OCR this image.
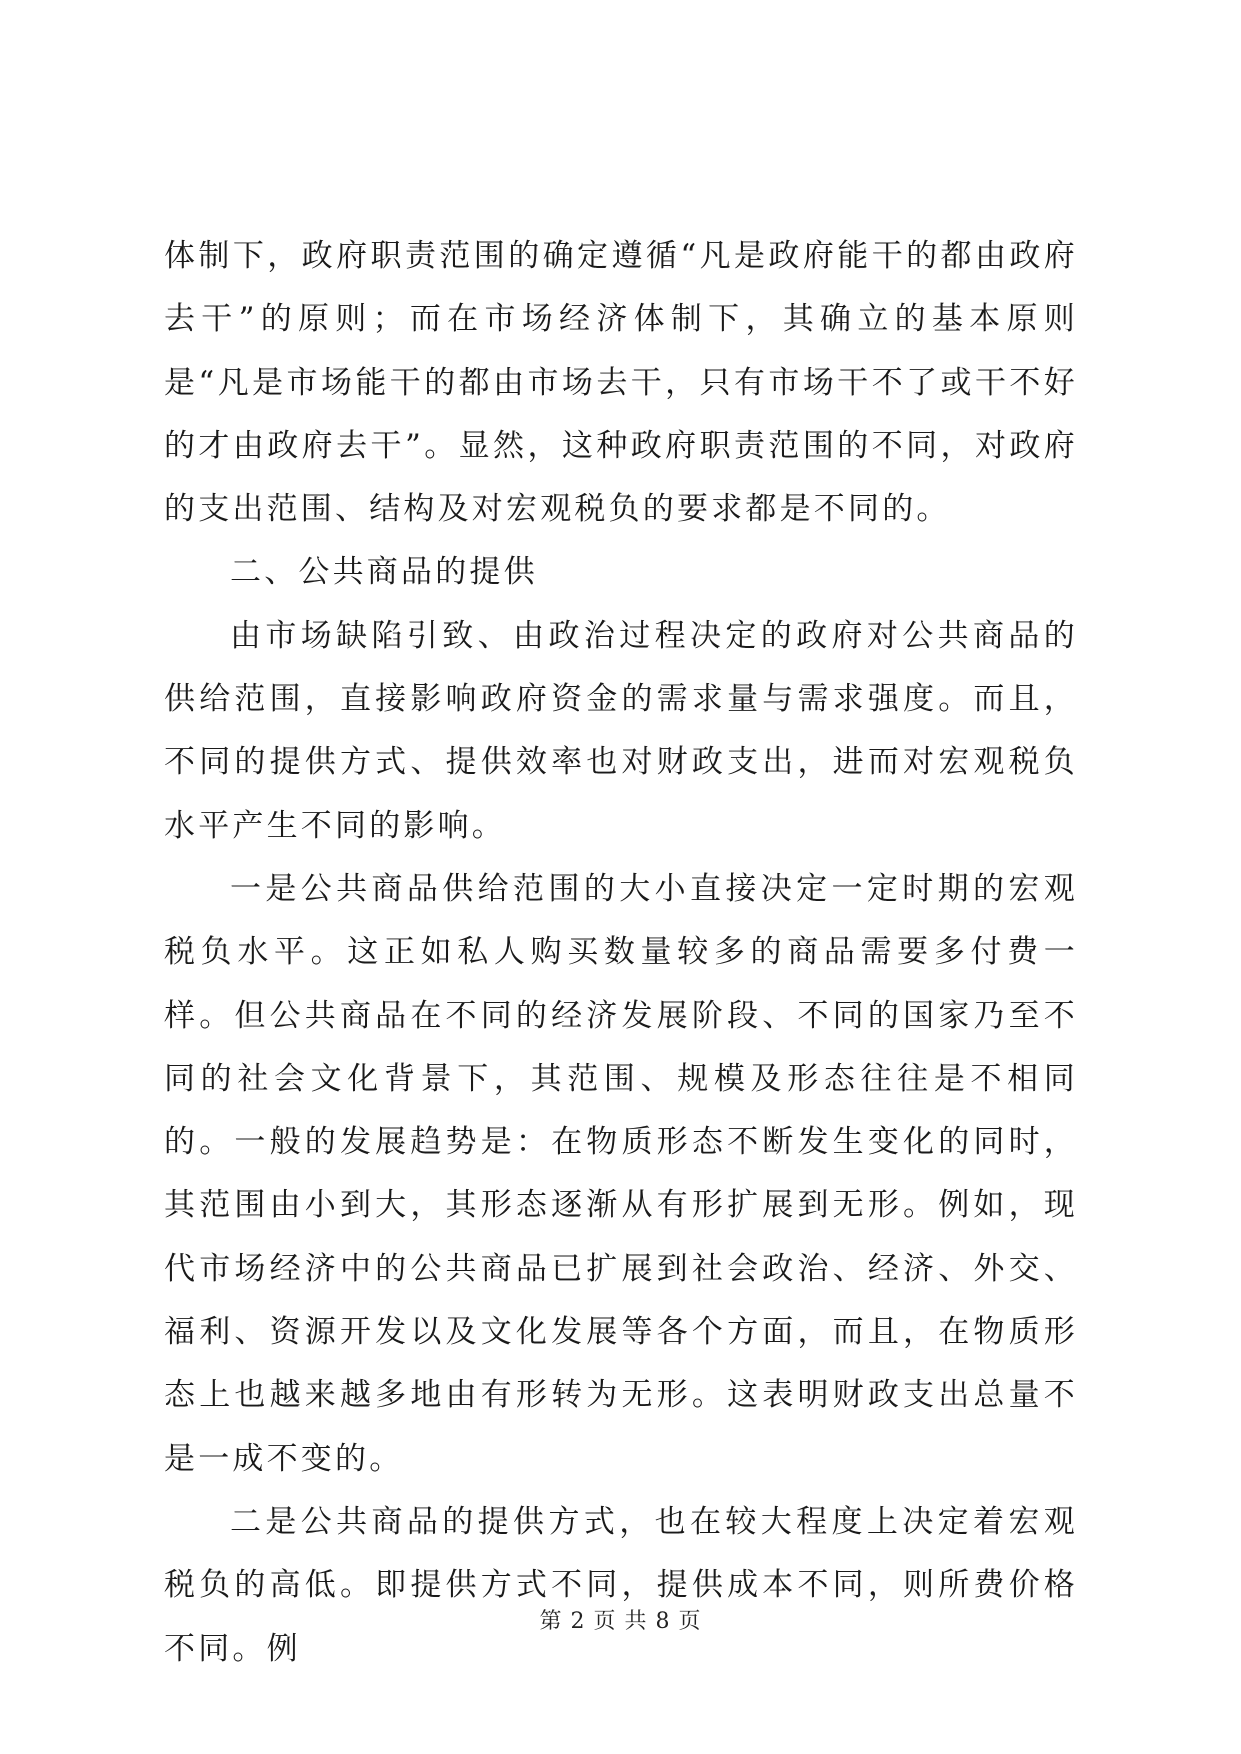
体制下，政府职责范围的确定遵循“凡是政府能干的都由政府去干”的原则；而在市场经济体制下，其确立的基本原则是“凡是市场能干的都由市场去干，只有市场干不了或干不好的才由政府去干”。显然，这种政府职责范围的不同，对政府的支出范围、结构及对宏观税负的要求都是不同的。

二、公共商品的提供

由市场缺陷引致、由政治过程决定的政府对公共商品的供给范围，直接影响政府资金的需求量与需求强度。而且，不同的提供方式、提供效率也对财政支出，进而对宏观税负水平产生不同的影响。

一是公共商品供给范围的大小直接决定一定时期的宏观税负水平。这正如私人购买数量较多的商品需要多付费一样。但公共商品在不同的经济发展阶段、不同的国家乃至不同的社会文化背景下，其范围、规模及形态往往是不相同的。一般的发展趋势是：在物质形态不断发生变化的同时，其范围由小到大，其形态逐渐从有形扩展到无形。例如，现代市场经济中的公共商品已扩展到社会政治、经济、外交、福利、资源开发以及文化发展等各个方面，而且，在物质形态上也越来越多地由有形转为无形。这表明财政支出总量不是一成不变的。

二是公共商品的提供方式，也在较大程度上决定着宏观税负的高低。即提供方式不同，提供成本不同，则所费价格不同。例

第 2 页 共 8 页
